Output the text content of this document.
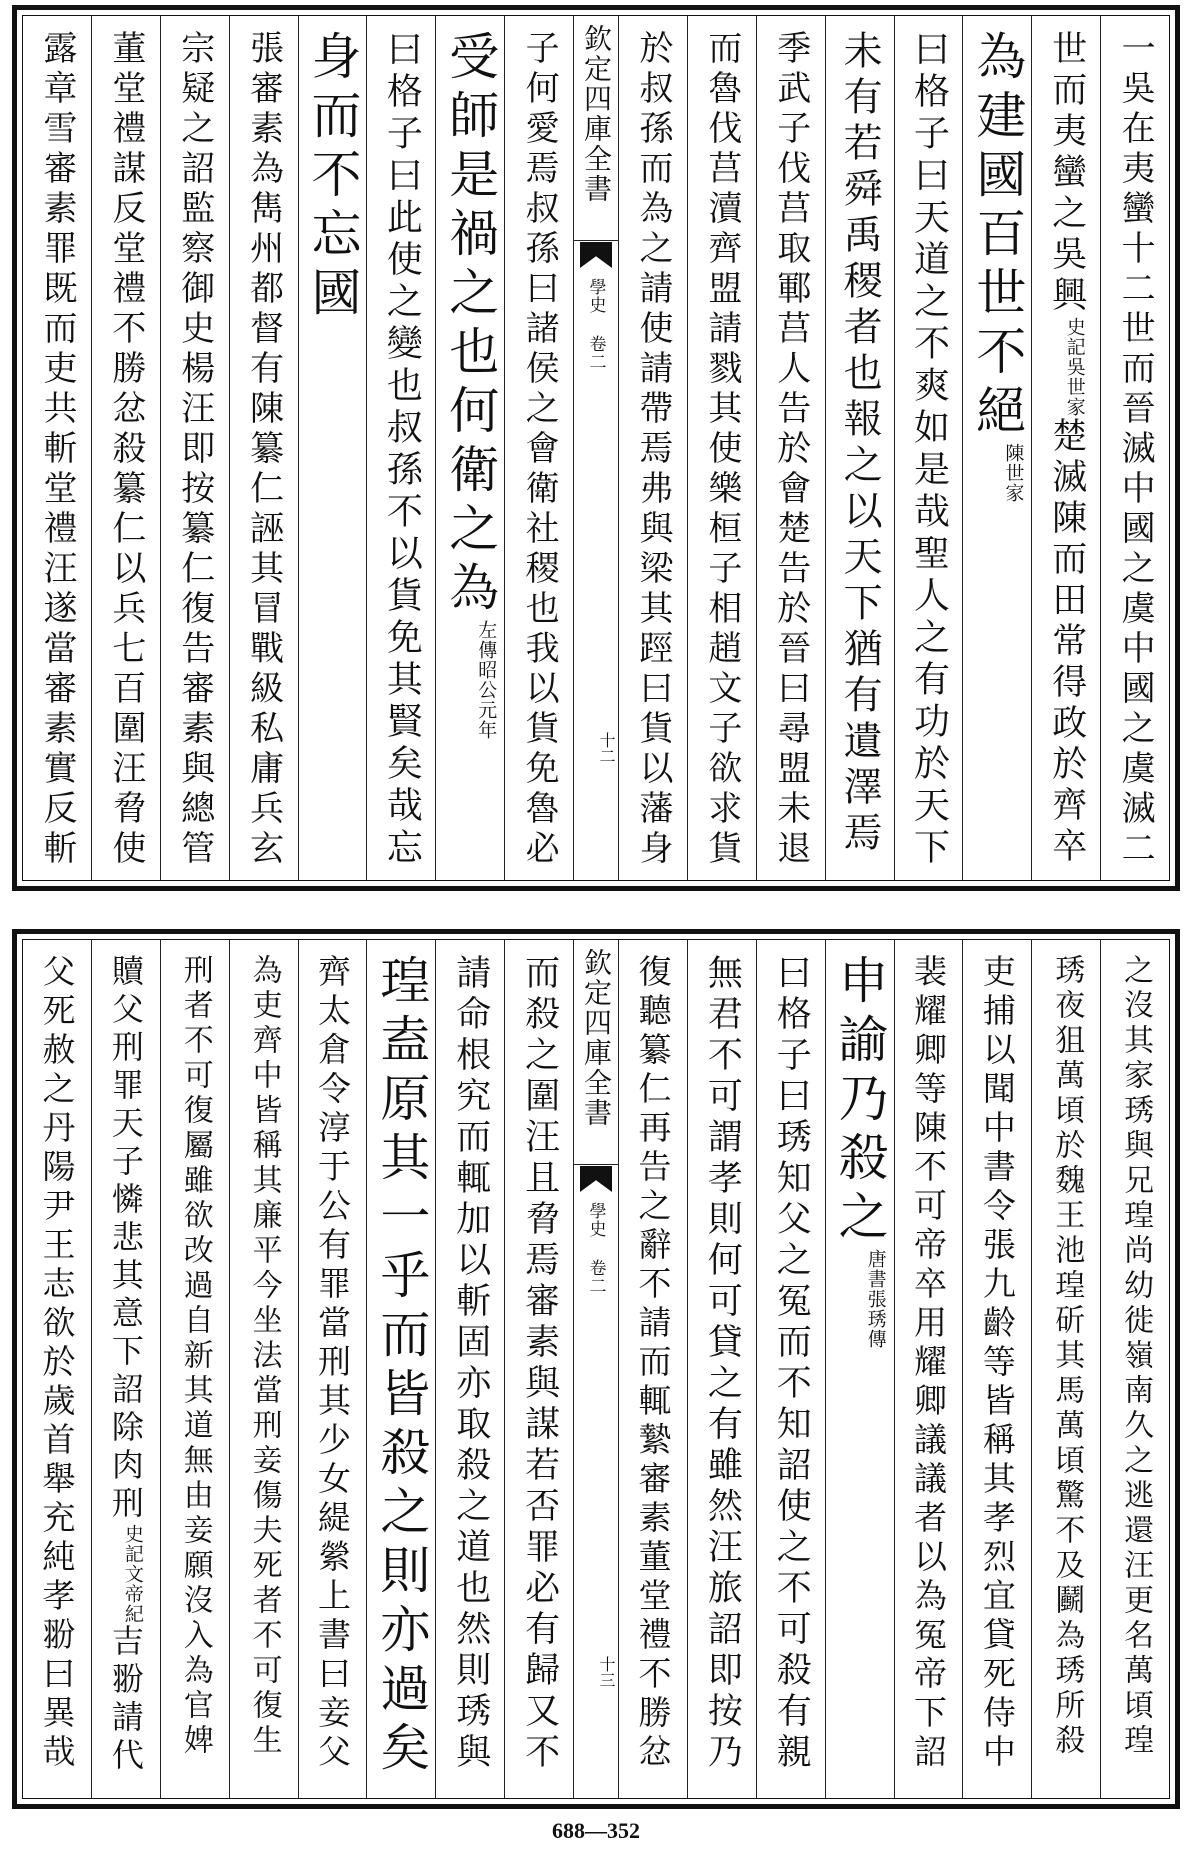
一吳在夷蠻十二世而晉滅中國之虞中國之虞滅二
世而夷蠻之吳興史記吳世家楚滅陳而田常得政於齊卒
為建國百世不絕陳世家
曰格子曰天道之不爽如是哉聖人之有功於天下
未有若舜禹稷者也報之以天下猶有遺澤焉
季武子伐莒取鄆莒人告於會楚告於晉曰尋盟未退
而魯伐莒瀆齊盟請戮其使樂桓子相趙文子欲求貨
於叔孫而為之請使請帶焉弗與梁其踁曰貨以藩身
欽定四庫全書
學史 卷二
十二
子何愛焉叔孫曰諸侯之會衛社稷也我以貨免魯必
受師是禍之也何衛之為左傳昭公元年
曰格子曰此使之變也叔孫不以貨免其賢矣哉忘
身而不忘國
張審素為雋州都督有陳纂仁誣其冒戰級私庸兵玄
宗疑之詔監察御史楊汪即按纂仁復告審素與總管
董堂禮謀反堂禮不勝忿殺纂仁以兵七百圍汪脅使
露章雪審素罪既而吏共斬堂禮汪遂當審素實反斬
之沒其家琇與兄瑝尚幼徙嶺南久之逃還汪更名萬頃瑝
琇夜狙萬頃於魏王池瑝斫其馬萬頃驚不及鬬為琇所殺
吏捕以聞中書令張九齡等皆稱其孝烈宜貸死侍中
裴耀卿等陳不可帝卒用耀卿議議者以為冤帝下詔
申諭乃殺之唐書張琇傳
曰格子曰琇知父之冤而不知詔使之不可殺有親
無君不可謂孝則何可貸之有雖然汪旅詔即按乃
復聽纂仁再告之辭不請而輒縶審素董堂禮不勝忿
欽定四庫全書
學史 卷二
十三
而殺之圍汪且脅焉審素與謀若否罪必有歸又不
請命根究而輒加以斬固亦取殺之道也然則琇與
瑝盍原其一乎而皆殺之則亦過矣
齊太倉令淳于公有罪當刑其少女緹縈上書曰妾父
為吏齊中皆稱其廉平今坐法當刑妾傷夫死者不可復生
刑者不可復屬雖欲改過自新其道無由妾願沒入為官婢
贖父刑罪天子憐悲其意下詔除肉刑史記文帝紀吉翂請代
父死赦之丹陽尹王志欲於歲首舉充純孝翂曰異哉
688—352
